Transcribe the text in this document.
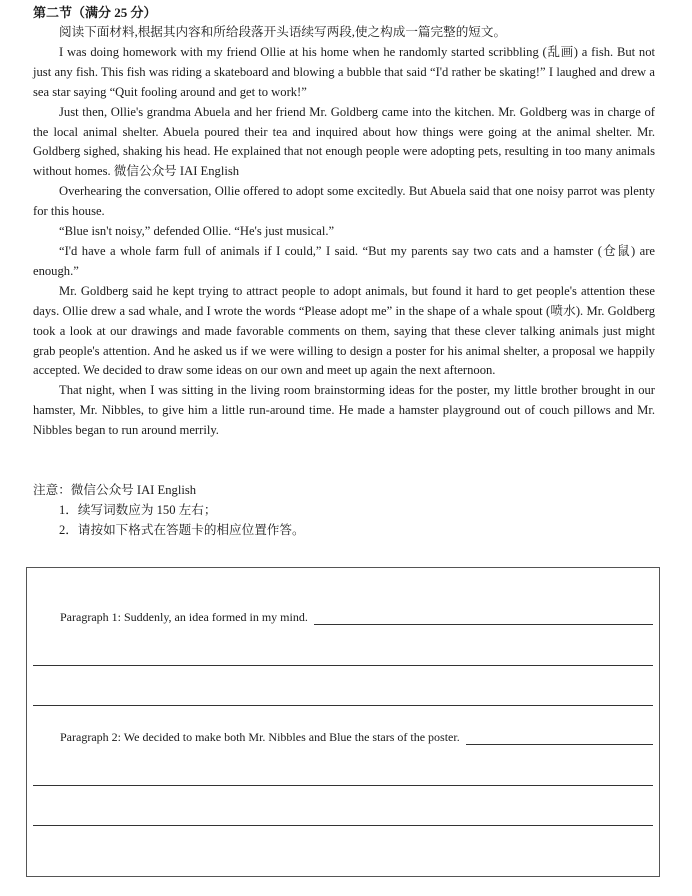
第二节（满分 25 分）

阅读下面材料,根据其内容和所给段落开头语续写两段,使之构成一篇完整的短文。

I was doing homework with my friend Ollie at his home when he randomly started scribbling (乱画) a fish. But not just any fish. This fish was riding a skateboard and blowing a bubble that said “I'd rather be skating!” I laughed and drew a sea star saying “Quit fooling around and get to work!”

Just then, Ollie's grandma Abuela and her friend Mr. Goldberg came into the kitchen. Mr. Goldberg was in charge of the local animal shelter. Abuela poured their tea and inquired about how things were going at the animal shelter. Mr. Goldberg sighed, shaking his head. He explained that not enough people were adopting pets, resulting in too many animals without homes. 微信公众号 IAI English

Overhearing the conversation, Ollie offered to adopt some excitedly. But Abuela said that one noisy parrot was plenty for this house.

“Blue isn't noisy,” defended Ollie. “He's just musical.”

“I'd have a whole farm full of animals if I could,” I said. “But my parents say two cats and a hamster (仓鼠) are enough.”

Mr. Goldberg said he kept trying to attract people to adopt animals, but found it hard to get people's attention these days. Ollie drew a sad whale, and I wrote the words “Please adopt me” in the shape of a whale spout (喷水). Mr. Goldberg took a look at our drawings and made favorable comments on them, saying that these clever talking animals just might grab people's attention. And he asked us if we were willing to design a poster for his animal shelter, a proposal we happily accepted. We decided to draw some ideas on our own and meet up again the next afternoon.

That night, when I was sitting in the living room brainstorming ideas for the poster, my little brother brought in our hamster, Mr. Nibbles, to give him a little run-around time. He made a hamster playground out of couch pillows and Mr. Nibbles began to run around merrily.

注意：微信公众号 IAI English

1．续写词数应为 150 左右；

2．请按如下格式在答题卡的相应位置作答。

Paragraph 1: Suddenly, an idea formed in my mind.
Paragraph 2: We decided to make both Mr. Nibbles and Blue the stars of the poster.
